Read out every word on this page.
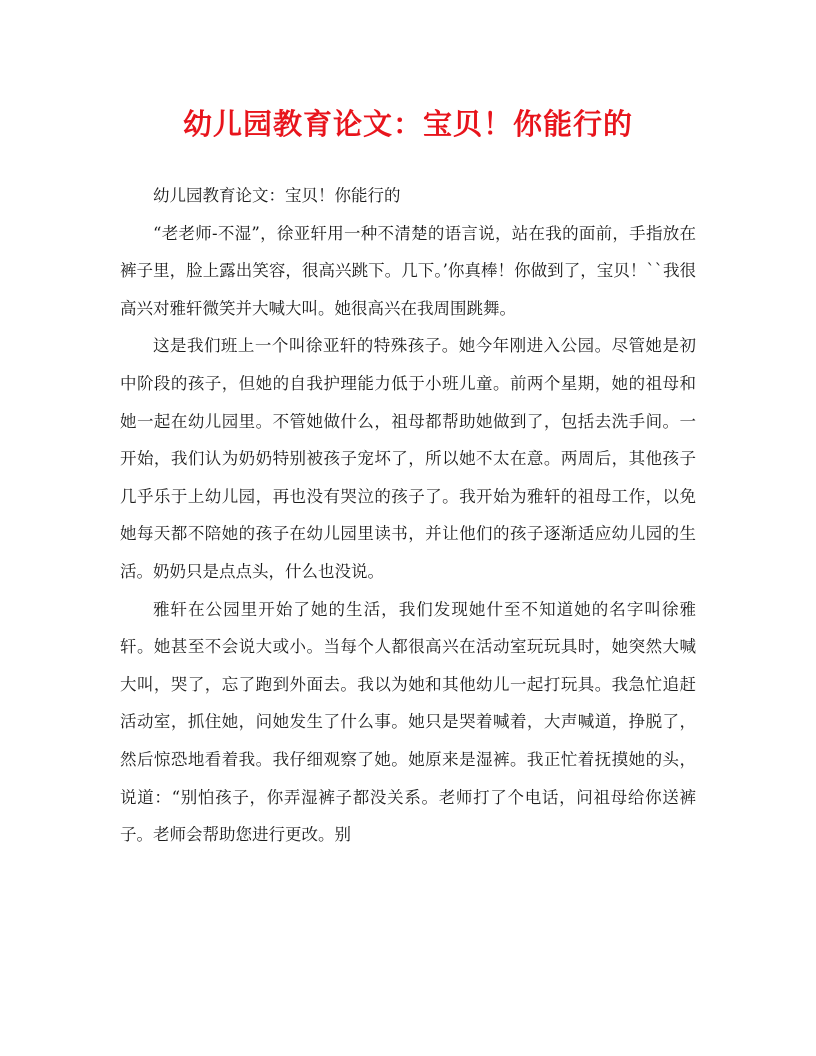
幼儿园教育论文：宝贝！你能行的

幼儿园教育论文：宝贝！你能行的

“老老师-不湿”，徐亚轩用一种不清楚的语言说，站在我的面前，手指放在裤子里，脸上露出笑容，很高兴跳下。几下。’你真棒！你做到了，宝贝！``我很高兴对雅轩微笑并大喊大叫。她很高兴在我周围跳舞。

这是我们班上一个叫徐亚轩的特殊孩子。她今年刚进入公园。尽管她是初中阶段的孩子，但她的自我护理能力低于小班儿童。前两个星期，她的祖母和她一起在幼儿园里。不管她做什么，祖母都帮助她做到了，包括去洗手间。一开始，我们认为奶奶特别被孩子宠坏了，所以她不太在意。两周后，其他孩子几乎乐于上幼儿园，再也没有哭泣的孩子了。我开始为雅轩的祖母工作，以免她每天都不陪她的孩子在幼儿园里读书，并让他们的孩子逐渐适应幼儿园的生活。奶奶只是点点头，什么也没说。

雅轩在公园里开始了她的生活，我们发现她什至不知道她的名字叫徐雅轩。她甚至不会说大或小。当每个人都很高兴在活动室玩玩具时，她突然大喊大叫，哭了，忘了跑到外面去。我以为她和其他幼儿一起打玩具。我急忙追赶活动室，抓住她，问她发生了什么事。她只是哭着喊着，大声喊道，挣脱了，然后惊恐地看着我。我仔细观察了她。她原来是湿裤。我正忙着抚摸她的头，说道：“别怕孩子，你弄湿裤子都没关系。老师打了个电话，问祖母给你送裤子。老师会帮助您进行更改。别
